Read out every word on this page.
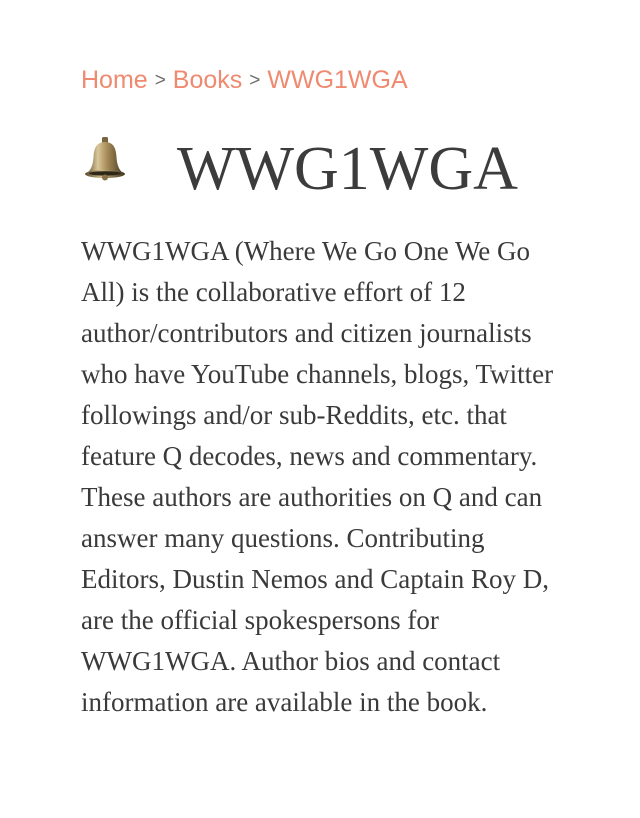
Home > Books > WWG1WGA
WWG1WGA

WWG1WGA (Where We Go One We Go All) is the collaborative effort of 12 author/contributors and citizen journalists who have YouTube channels, blogs, Twitter followings and/or sub-Reddits, etc. that feature Q decodes, news and commentary. These authors are authorities on Q and can answer many questions. Contributing Editors, Dustin Nemos and Captain Roy D, are the official spokespersons for WWG1WGA. Author bios and contact information are available in the book.
